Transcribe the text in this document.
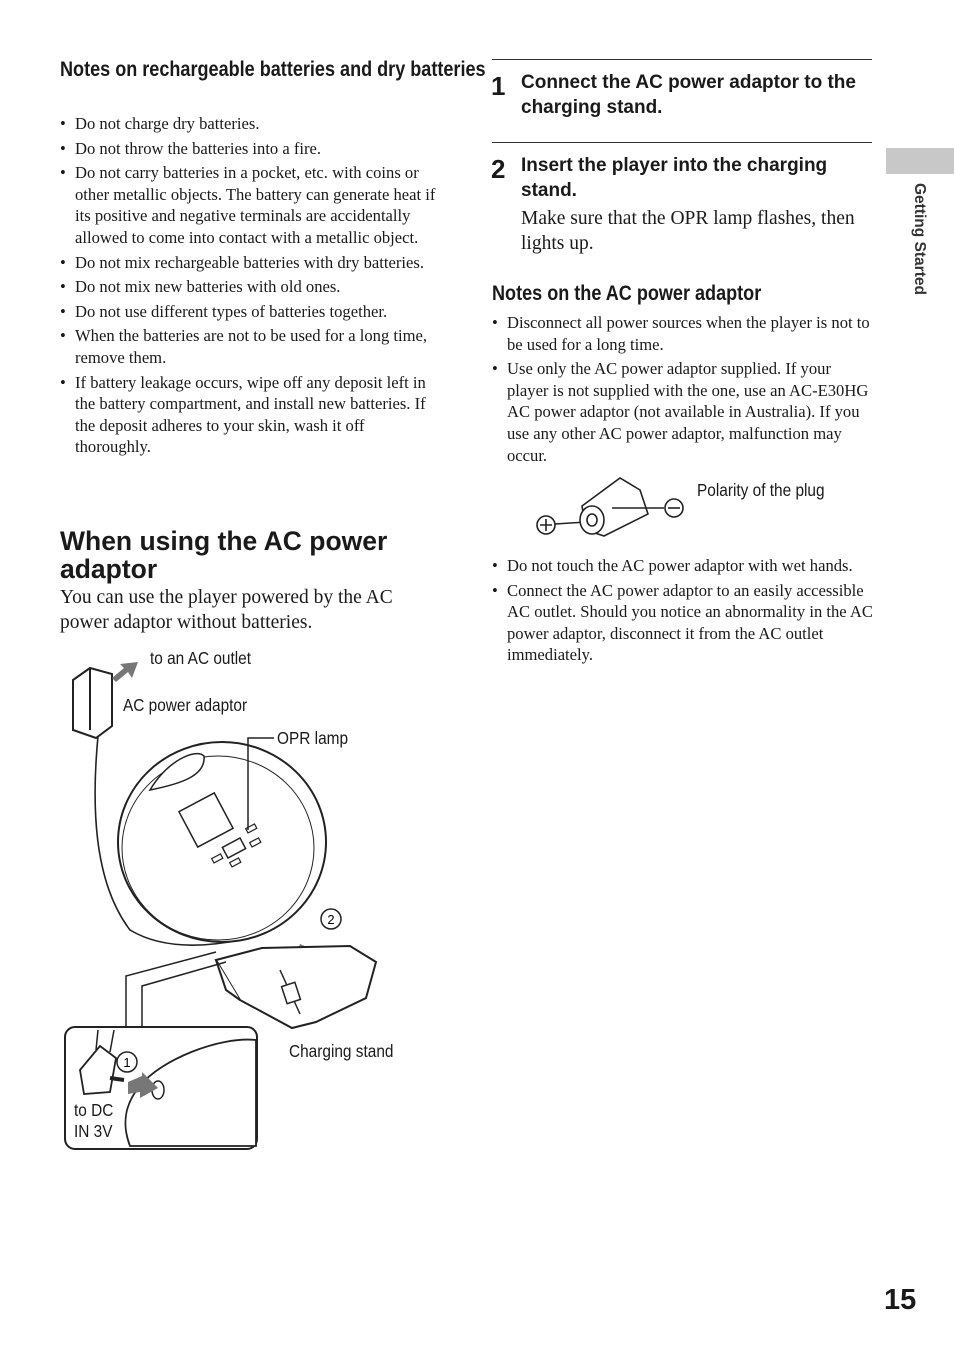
Notes on rechargeable batteries and dry batteries
• Do not charge dry batteries.
• Do not throw the batteries into a fire.
• Do not carry batteries in a pocket, etc. with coins or other metallic objects. The battery can generate heat if its positive and negative terminals are accidentally allowed to come into contact with a metallic object.
• Do not mix rechargeable batteries with dry batteries.
• Do not mix new batteries with old ones.
• Do not use different types of batteries together.
• When the batteries are not to be used for a long time, remove them.
• If battery leakage occurs, wipe off any deposit left in the battery compartment, and install new batteries. If the deposit adheres to your skin, wash it off thoroughly.
When using the AC power adaptor

You can use the player powered by the AC power adaptor without batteries.

1
2
to an AC outlet
AC power adaptor
OPR lamp
Charging stand
to DC IN 3V
1 Connect the AC power adaptor to the charging stand.

2 Insert the player into the charging stand.

Make sure that the OPR lamp flashes, then lights up.

Notes on the AC power adaptor
• Disconnect all power sources when the player is not to be used for a long time.
• Use only the AC power adaptor supplied. If your player is not supplied with the one, use an AC-E30HG AC power adaptor (not available in Australia). If you use any other AC power adaptor, malfunction may occur.
Polarity of the plug
• Do not touch the AC power adaptor with wet hands.
• Connect the AC power adaptor to an easily accessible AC outlet. Should you notice an abnormality in the AC power adaptor, disconnect it from the AC outlet immediately.
Getting Started
15
